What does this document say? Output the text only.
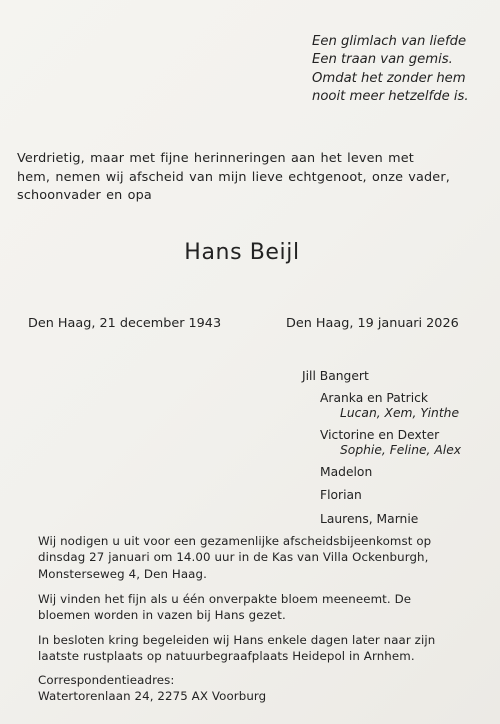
Een glimlach van liefde
Een traan van gemis.
Omdat het zonder hem
nooit meer hetzelfde is.
Verdrietig, maar met fijne herinneringen aan het leven met
hem, nemen wij afscheid van mijn lieve echtgenoot, onze vader,
schoonvader en opa
Hans Beijl
Den Haag, 21 december 1943	Den Haag, 19 januari 2026
Jill Bangert
Aranka en Patrick
Lucan, Xem, Yinthe
Victorine en Dexter
Sophie, Feline, Alex
Madelon
Florian
Laurens, Marnie
Wij nodigen u uit voor een gezamenlijke afscheidsbijeenkomst op
dinsdag 27 januari om 14.00 uur in de Kas van Villa Ockenburgh,
Monsterseweg 4, Den Haag.
Wij vinden het fijn als u één onverpakte bloem meeneemt. De
bloemen worden in vazen bij Hans gezet.
In besloten kring begeleiden wij Hans enkele dagen later naar zijn
laatste rustplaats op natuurbegraafplaats Heidepol in Arnhem.
Correspondentieadres:
Watertorenlaan 24, 2275 AX Voorburg
